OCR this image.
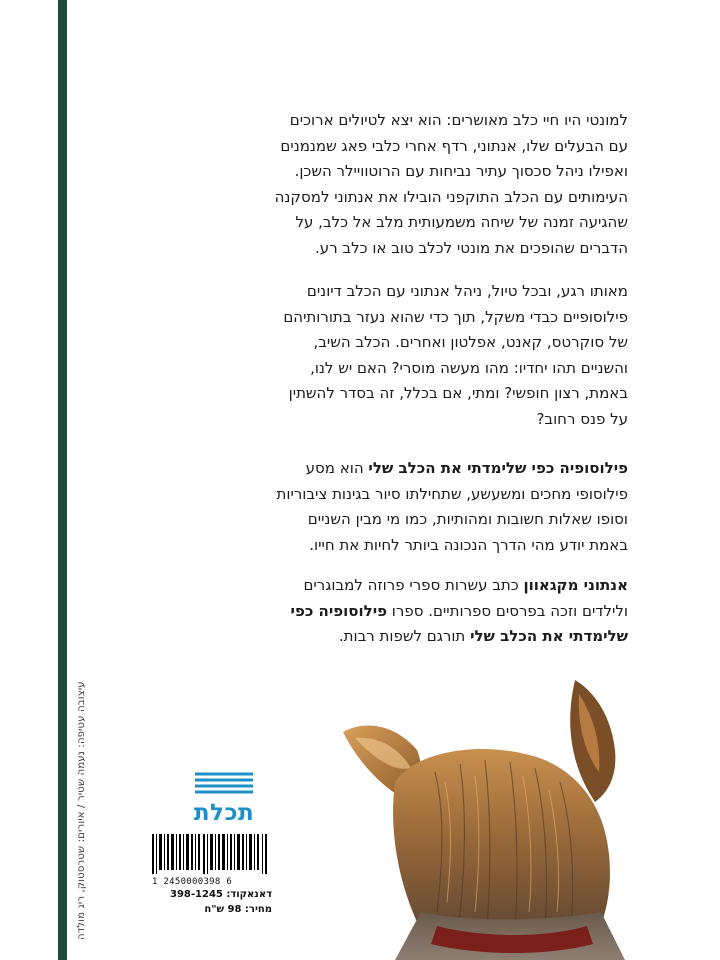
עיצובה עטיפה: נעמה שטיר / איורים: שטרסטוק, ריג מולדה

למונטי היו חיי כלב מאושרים: הוא יצא לטיולים ארוכים עם הבעלים שלו, אנתוני, רדף אחרי כלבי פאג שמנמנים ואפילו ניהל סכסוך עתיר נביחות עם הרוטוויילר השכן. העימותים עם הכלב התוקפני הובילו את אנתוני למסקנה שהגיעה זמנה של שיחה משמעותית מלב אל כלב, על הדברים שהופכים את מונטי לכלב טוב או כלב רע.

מאותו רגע, ובכל טיול, ניהל אנתוני עם הכלב דיונים פילוסופיים כבדי משקל, תוך כדי שהוא נעזר בתורותיהם של סוקרטס, קאנט, אפלטון ואחרים. הכלב השיב, והשניים תהו יחדיו: מהו מעשה מוסרי? האם יש לנו, באמת, רצון חופשי? ומתי, אם בכלל, זה בסדר להשתין על פנס רחוב?

פילוסופיה כפי שלימדתי את הכלב שלי הוא מסע פילוסופי מחכים ומשעשע, שתחילתו סיור בגינות ציבוריות וסופו שאלות חשובות ומהותיות, כמו מי מבין השניים באמת יודע מהי הדרך הנכונה ביותר לחיות את חייו.

אנתוני מקגאוון כתב עשרות ספרי פרוזה למבוגרים ולילדים וזכה בפרסים ספרותיים. ספרו פילוסופיה כפי שלימדתי את הכלב שלי תורגם לשפות רבות.

תכלת
1 2450000398 6
דאנאקוד: 398-1245
מחיר: 98 ש"ח
